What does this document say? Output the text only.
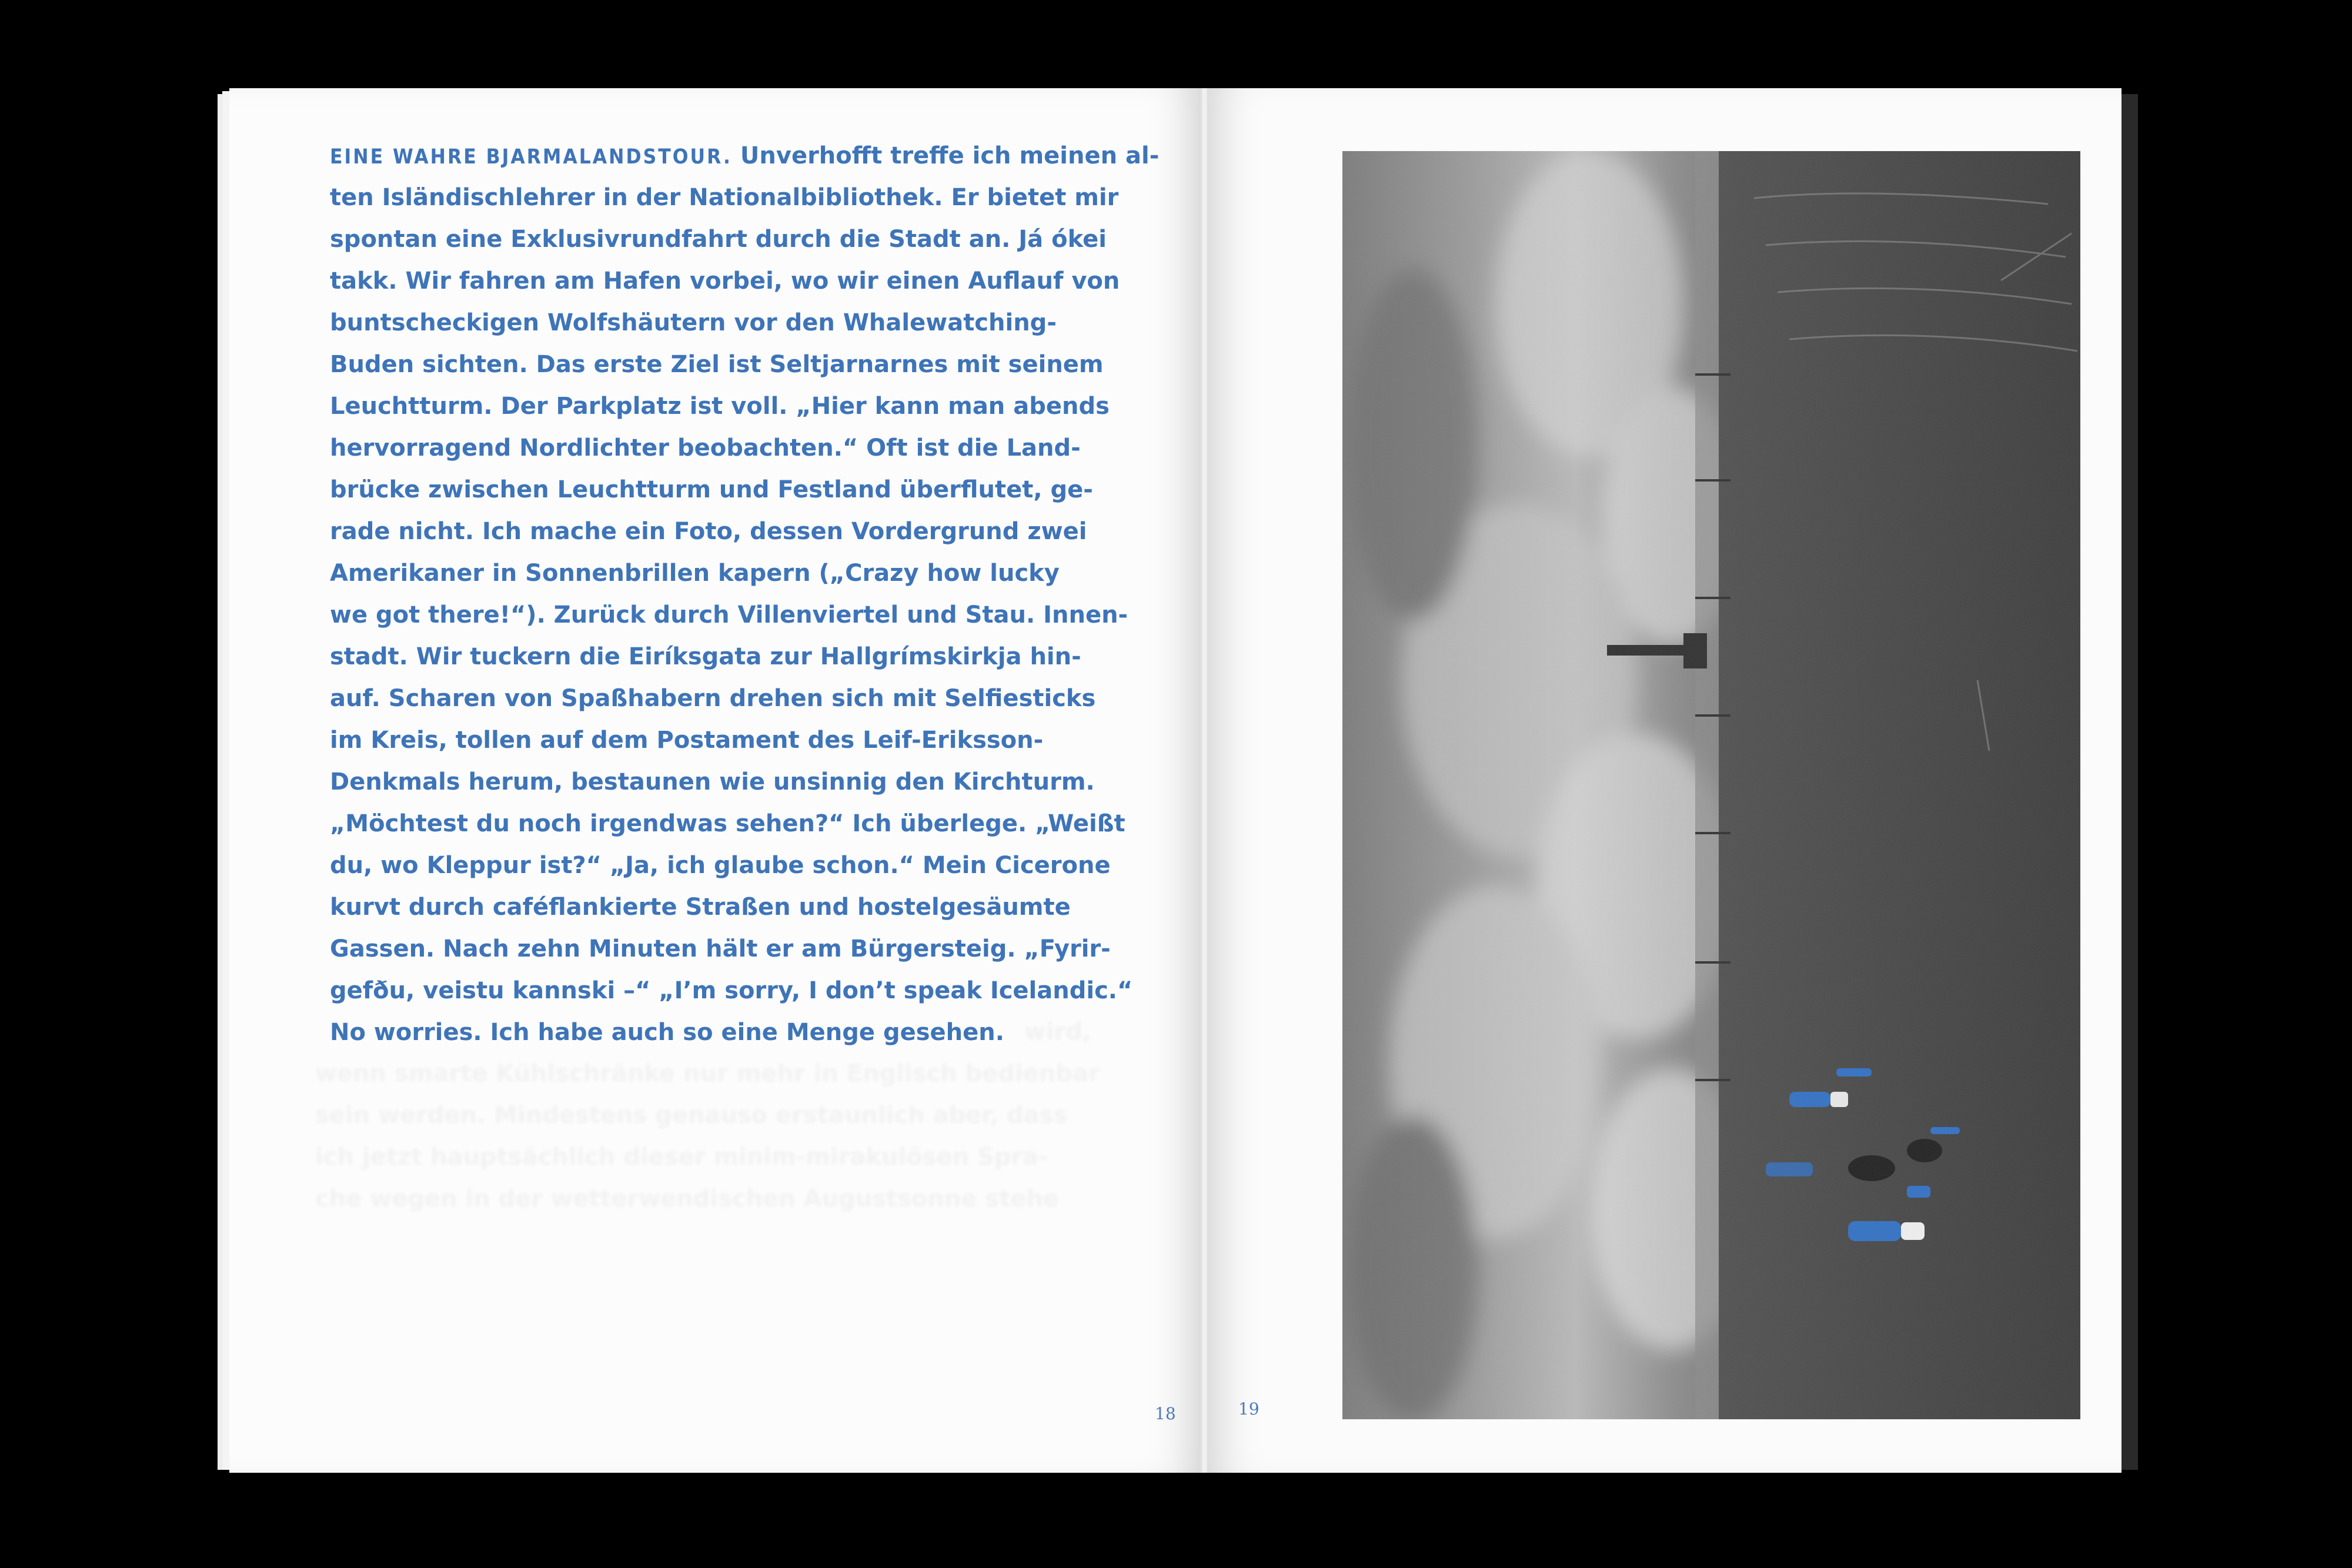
EINE WAHRE BJARMALANDSTOUR. Unverhofft treffe ich meinen al-
ten Isländischlehrer in der Nationalbibliothek. Er bietet mir
spontan eine Exklusivrundfahrt durch die Stadt an. Já ókei
takk. Wir fahren am Hafen vorbei, wo wir einen Auflauf von
buntscheckigen Wolfshäutern vor den Whalewatching-
Buden sichten. Das erste Ziel ist Seltjarnarnes mit seinem
Leuchtturm. Der Parkplatz ist voll. „Hier kann man abends
hervorragend Nordlichter beobachten.“ Oft ist die Land-
brücke zwischen Leuchtturm und Festland überflutet, ge-
rade nicht. Ich mache ein Foto, dessen Vordergrund zwei
Amerikaner in Sonnenbrillen kapern („Crazy how lucky
we got there!“). Zurück durch Villenviertel und Stau. Innen-
stadt. Wir tuckern die Eiríksgata zur Hallgrímskirkja hin-
auf. Scharen von Spaßhabern drehen sich mit Selfiesticks
im Kreis, tollen auf dem Postament des Leif-Eriksson-
Denkmals herum, bestaunen wie unsinnig den Kirchturm.
„Möchtest du noch irgendwas sehen?“ Ich überlege. „Weißt
du, wo Kleppur ist?“ „Ja, ich glaube schon.“ Mein Cicerone
kurvt durch caféflankierte Straßen und hostelgesäumte
Gassen. Nach zehn Minuten hält er am Bürgersteig. „Fyrir-
gefðu, veistu kannski –“ „I’m sorry, I don’t speak Icelandic.“
No worries. Ich habe auch so eine Menge gesehen.
18	19
